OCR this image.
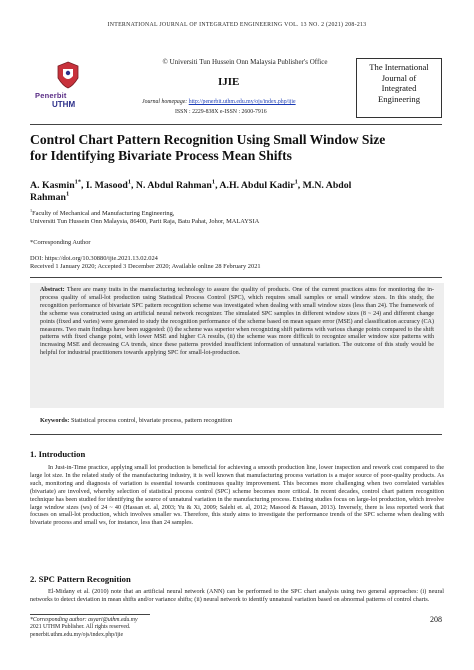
INTERNATIONAL JOURNAL OF INTEGRATED ENGINEERING VOL. 13 NO. 2 (2021) 208-213
© Universiti Tun Hussein Onn Malaysia Publisher's Office
Penerbit
UTHM
IJIE
Journal homepage: http://penerbit.uthm.edu.my/ojs/index.php/ijie
ISSN : 2229-838X e-ISSN : 2600-7916
The International
Journal of
Integrated
Engineering
Control Chart Pattern Recognition Using Small Window Size
for Identifying Bivariate Process Mean Shifts
A. Kasmin$^{1*}$, I. Masood$^1$, N. Abdul Rahman$^1$, A.H. Abdul Kadir$^1$, M.N. Abdol
Rahman$^1$
$^1$Faculty of Mechanical and Manufacturing Engineering,
Universiti Tun Hussein Onn Malaysia, 86400, Parit Raja, Batu Pahat, Johor, MALAYSIA
*Corresponding Author
DOI: https://doi.org/10.30880/ijie.2021.13.02.024
Received 1 January 2020; Accepted 3 December 2020; Available online 28 February 2021
Abstract: There are many traits in the manufacturing technology to assure the quality of products. One of the current practices aims for monitoring the in-process quality of small-lot production using Statistical Process Control (SPC), which requires small samples or small window sizes. In this study, the recognition performance of bivariate SPC pattern recognition scheme was investigated when dealing with small window sizes (less than 24). The framework of the scheme was constructed using an artificial neural network recognizer. The simulated SPC samples in different window sizes (8 ~ 24) and different change points (fixed and varies) were generated to study the recognition performance of the scheme based on mean square error (MSE) and classification accuracy (CA) measures. Two main findings have been suggested: (i) the scheme was superior when recognizing shift patterns with various change points compared to the shift patterns with fixed change point, with lower MSE and higher CA results, (ii) the scheme was more difficult to recognize smaller window size patterns with increasing MSE and decreasing CA trends, since these patterns provided insufficient information of unnatural variation. The outcome of this study would be helpful for industrial practitioners towards applying SPC for small-lot-production.
Keywords: Statistical process control, bivariate process, pattern recognition
1. Introduction
In Just-in-Time practice, applying small lot production is beneficial for achieving a smooth production line, lower inspection and rework cost compared to the large lot size. In the related study of the manufacturing industry, it is well known that manufacturing process variation is a major source of poor-quality products. As such, monitoring and diagnosis of variation is essential towards continuous quality improvement. This becomes more challenging when two correlated variables (bivariate) are involved, whereby selection of statistical process control (SPC) scheme becomes more critical. In recent decades, control chart pattern recognition technique has been studied for identifying the source of unnatural variation in the manufacturing process. Existing studies focus on large-lot production, which involve large window sizes (ws) of 24 ~ 40 (Hassan et. al, 2003; Yu & Xi, 2009; Salehi et. al, 2012; Masood & Hassan, 2013). Inversely, there is less reported work that focuses on small-lot production, which involves smaller ws. Therefore, this study aims to investigate the performance trends of the SPC scheme when dealing with bivariate process and small ws, for instance, less than 24 samples.
2. SPC Pattern Recognition
El-Midany et al. (2010) note that an artificial neural network (ANN) can be performed to the SPC chart analysis using two general approaches: (i) neural networks to detect deviation in mean shifts and/or variance shifts; (ii) neural network to identify unnatural variation based on abnormal patterns of control charts.
*Corresponding author: asyari@uthm.edu.my
2021 UTHM Publisher. All rights reserved.
penerbit.uthm.edu.my/ojs/index.php/ijie
208
